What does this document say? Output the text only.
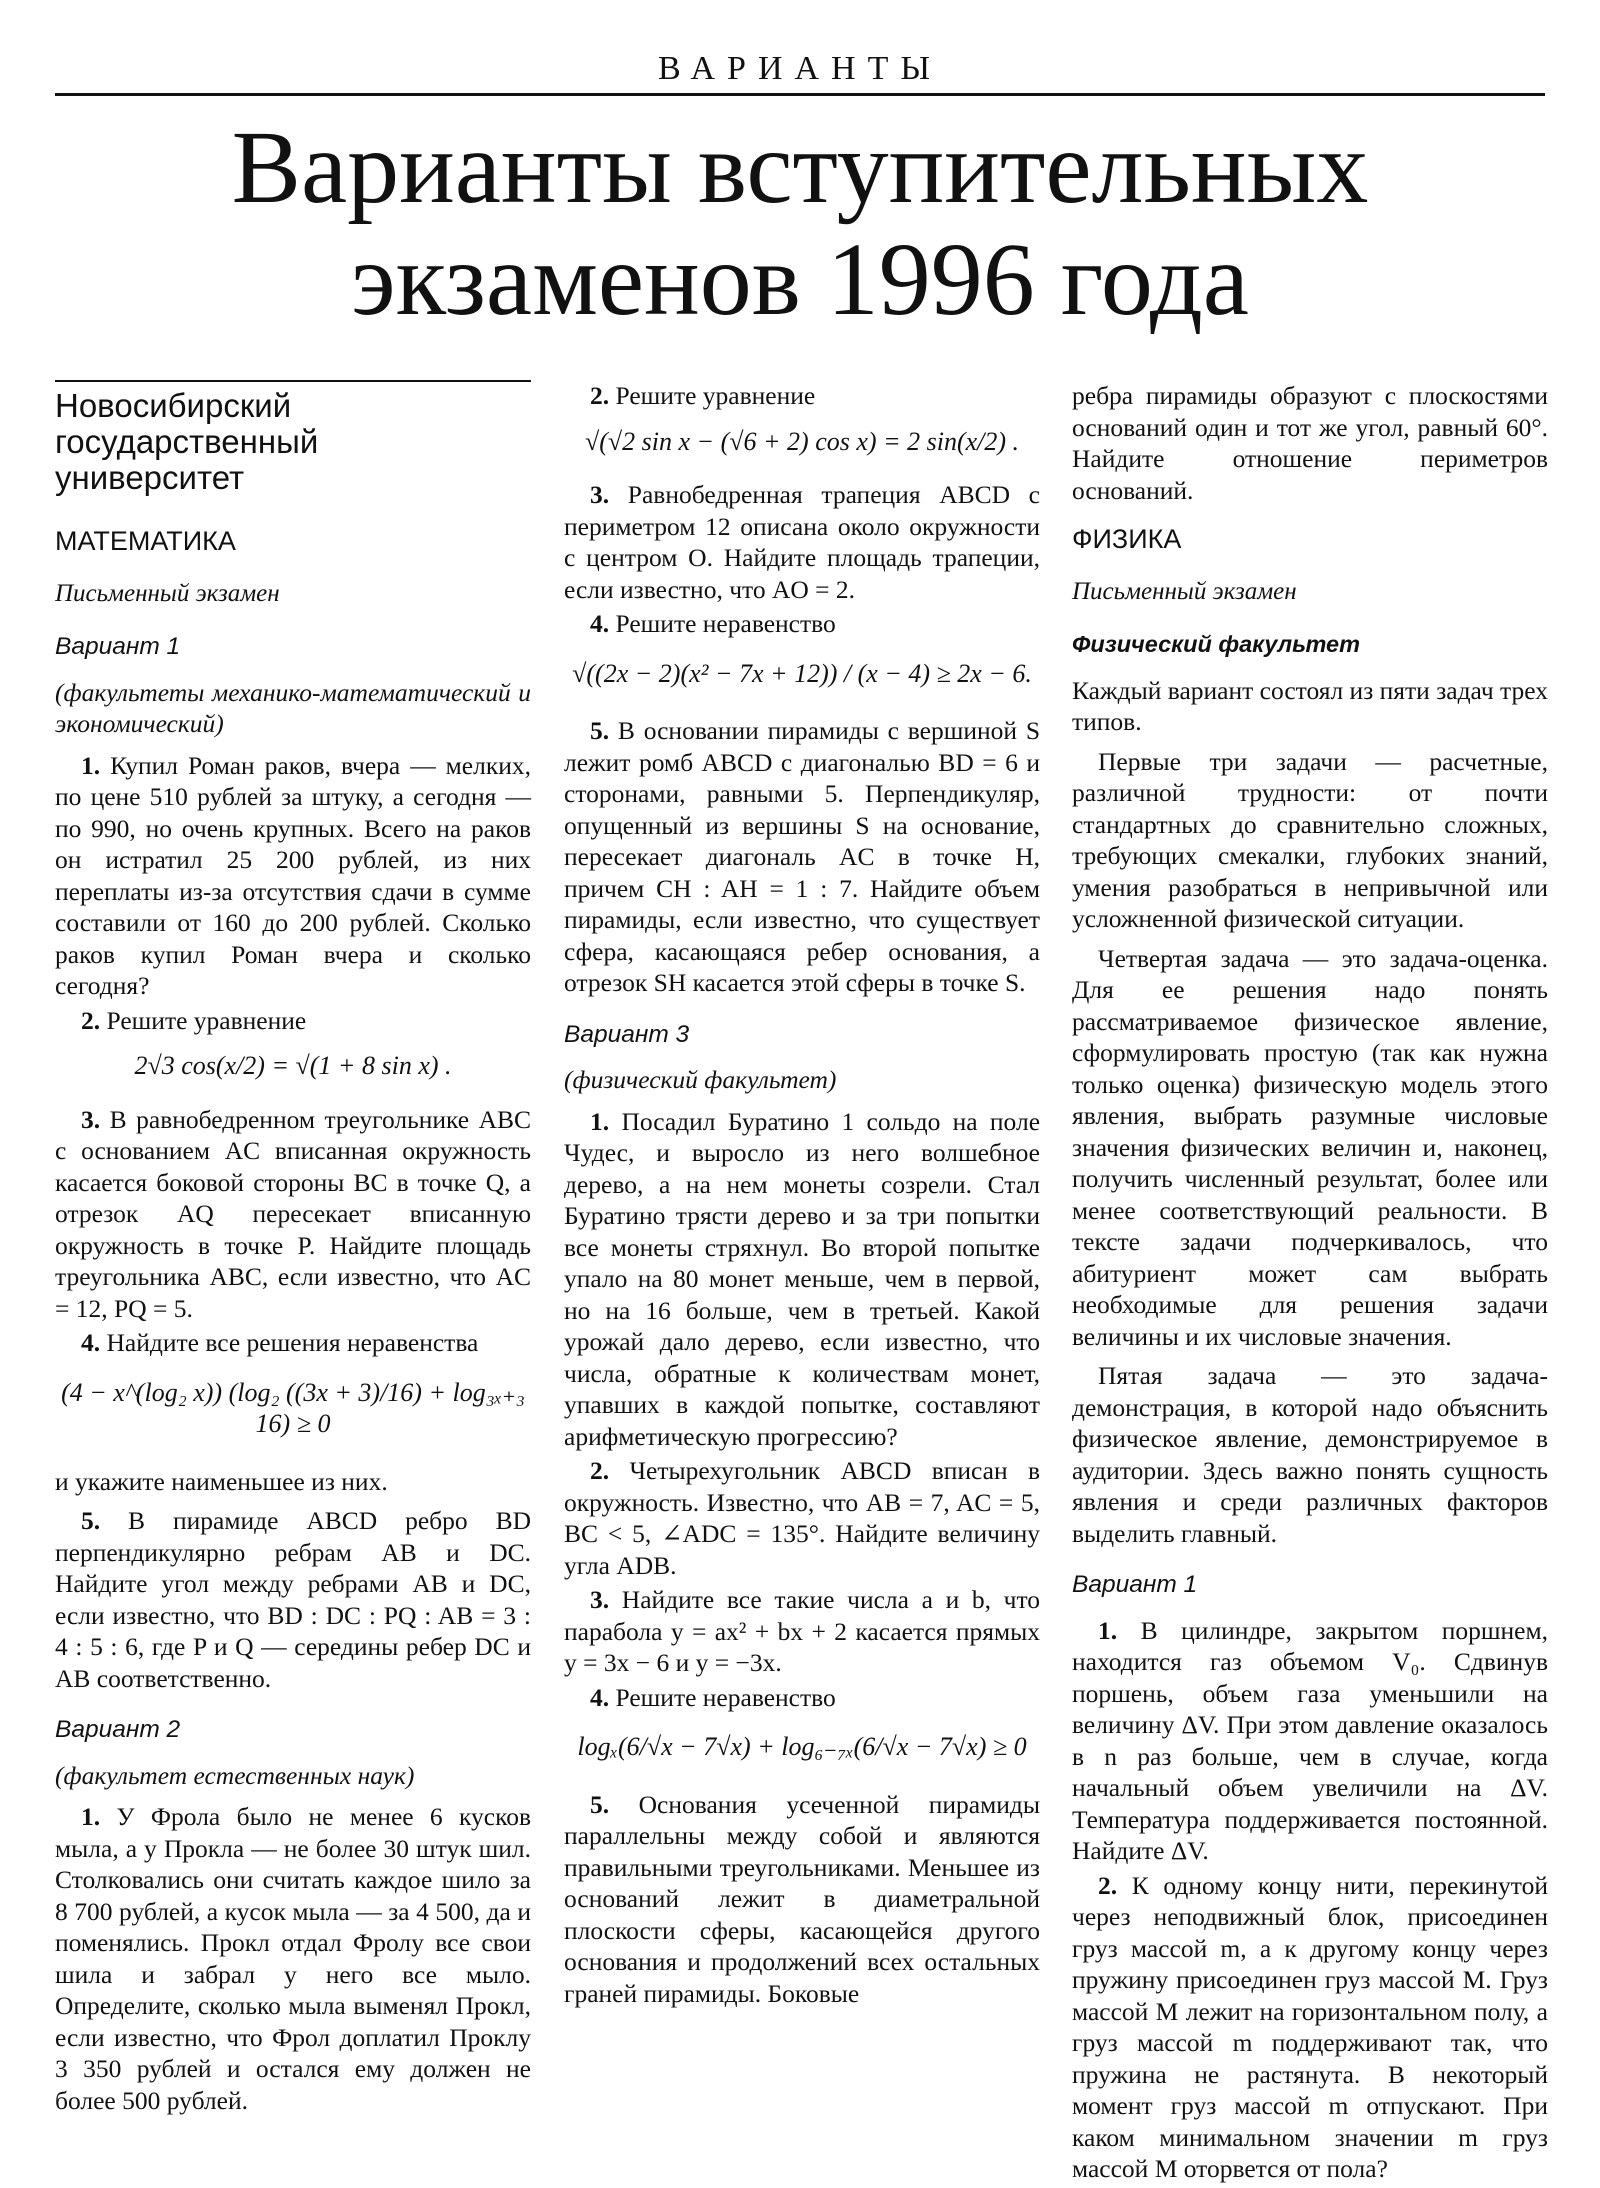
ВАРИАНТЫ
Варианты вступительных
экзаменов 1996 года
Новосибирский
государственный
университет
МАТЕМАТИКА
Письменный экзамен
Вариант 1

(факультеты механико-математический и экономический)

1. Купил Роман раков, вчера — мелких, по цене 510 рублей за штуку, а сегодня — по 990, но очень крупных. Всего на раков он истратил 25 200 рублей, из них переплаты из-за отсутствия сдачи в сумме составили от 160 до 200 рублей. Сколько раков купил Роман вчера и сколько сегодня?

2. Решите уравнение

2√3 cos(x/2) = √(1 + 8 sin x) .

3. В равнобедренном треугольнике ABC с основанием AC вписанная окружность касается боковой стороны BC в точке Q, а отрезок AQ пересекает вписанную окружность в точке P. Найдите площадь треугольника ABC, если известно, что AC = 12, PQ = 5.

4. Найдите все решения неравенства

(4 − x^(log₂ x)) (log₂ ((3x + 3)/16) + log₃ₓ₊₃ 16) ≥ 0

и укажите наименьшее из них.

5. В пирамиде ABCD ребро BD перпендикулярно ребрам AB и DC. Найдите угол между ребрами AB и DC, если известно, что BD : DC : PQ : AB = 3 : 4 : 5 : 6, где P и Q — середины ребер DC и AB соответственно.

Вариант 2

(факультет естественных наук)

1. У Фрола было не менее 6 кусков мыла, а у Прокла — не более 30 штук шил. Столковались они считать каждое шило за 8 700 рублей, а кусок мыла — за 4 500, да и поменялись. Прокл отдал Фролу все свои шила и забрал у него все мыло. Определите, сколько мыла выменял Прокл, если известно, что Фрол доплатил Проклу 3 350 рублей и остался ему должен не более 500 рублей.

2. Решите уравнение

√(√2 sin x − (√6 + 2) cos x) = 2 sin(x/2) .

3. Равнобедренная трапеция ABCD с периметром 12 описана около окружности с центром O. Найдите площадь трапеции, если известно, что AO = 2.

4. Решите неравенство

√((2x − 2)(x² − 7x + 12)) / (x − 4) ≥ 2x − 6.

5. В основании пирамиды с вершиной S лежит ромб ABCD с диагональю BD = 6 и сторонами, равными 5. Перпендикуляр, опущенный из вершины S на основание, пересекает диагональ AC в точке H, причем CH : AH = 1 : 7. Найдите объем пирамиды, если известно, что существует сфера, касающаяся ребер основания, а отрезок SH касается этой сферы в точке S.

Вариант 3

(физический факультет)

1. Посадил Буратино 1 сольдо на поле Чудес, и выросло из него волшебное дерево, а на нем монеты созрели. Стал Буратино трясти дерево и за три попытки все монеты стряхнул. Во второй попытке упало на 80 монет меньше, чем в первой, но на 16 больше, чем в третьей. Какой урожай дало дерево, если известно, что числа, обратные к количествам монет, упавших в каждой попытке, составляют арифметическую прогрессию?

2. Четырехугольник ABCD вписан в окружность. Известно, что AB = 7, AC = 5, BC < 5, ∠ADC = 135°. Найдите величину угла ADB.

3. Найдите все такие числа a и b, что парабола y = ax² + bx + 2 касается прямых y = 3x − 6 и y = −3x.

4. Решите неравенство

logₓ(6/√x − 7√x) + log₆₋₇ₓ(6/√x − 7√x) ≥ 0

5. Основания усеченной пирамиды параллельны между собой и являются правильными треугольниками. Меньшее из оснований лежит в диаметральной плоскости сферы, касающейся другого основания и продолжений всех остальных граней пирамиды. Боковые

ребра пирамиды образуют с плоскостями оснований один и тот же угол, равный 60°. Найдите отношение периметров оснований.

ФИЗИКА
Письменный экзамен
Физический факультет

Каждый вариант состоял из пяти задач трех типов.

Первые три задачи — расчетные, различной трудности: от почти стандартных до сравнительно сложных, требующих смекалки, глубоких знаний, умения разобраться в непривычной или усложненной физической ситуации.

Четвертая задача — это задача-оценка. Для ее решения надо понять рассматриваемое физическое явление, сформулировать простую (так как нужна только оценка) физическую модель этого явления, выбрать разумные числовые значения физических величин и, наконец, получить численный результат, более или менее соответствующий реальности. В тексте задачи подчеркивалось, что абитуриент может сам выбрать необходимые для решения задачи величины и их числовые значения.

Пятая задача — это задача-демонстрация, в которой надо объяснить физическое явление, демонстрируемое в аудитории. Здесь важно понять сущность явления и среди различных факторов выделить главный.

Вариант 1

1. В цилиндре, закрытом поршнем, находится газ объемом V₀. Сдвинув поршень, объем газа уменьшили на величину ΔV. При этом давление оказалось в n раз больше, чем в случае, когда начальный объем увеличили на ΔV. Температура поддерживается постоянной. Найдите ΔV.

2. К одному концу нити, перекинутой через неподвижный блок, присоединен груз массой m, а к другому концу через пружину присоединен груз массой M. Груз массой M лежит на горизонтальном полу, а груз массой m поддерживают так, что пружина не растянута. В некоторый момент груз массой m отпускают. При каком минимальном значении m груз массой M оторвется от пола?
